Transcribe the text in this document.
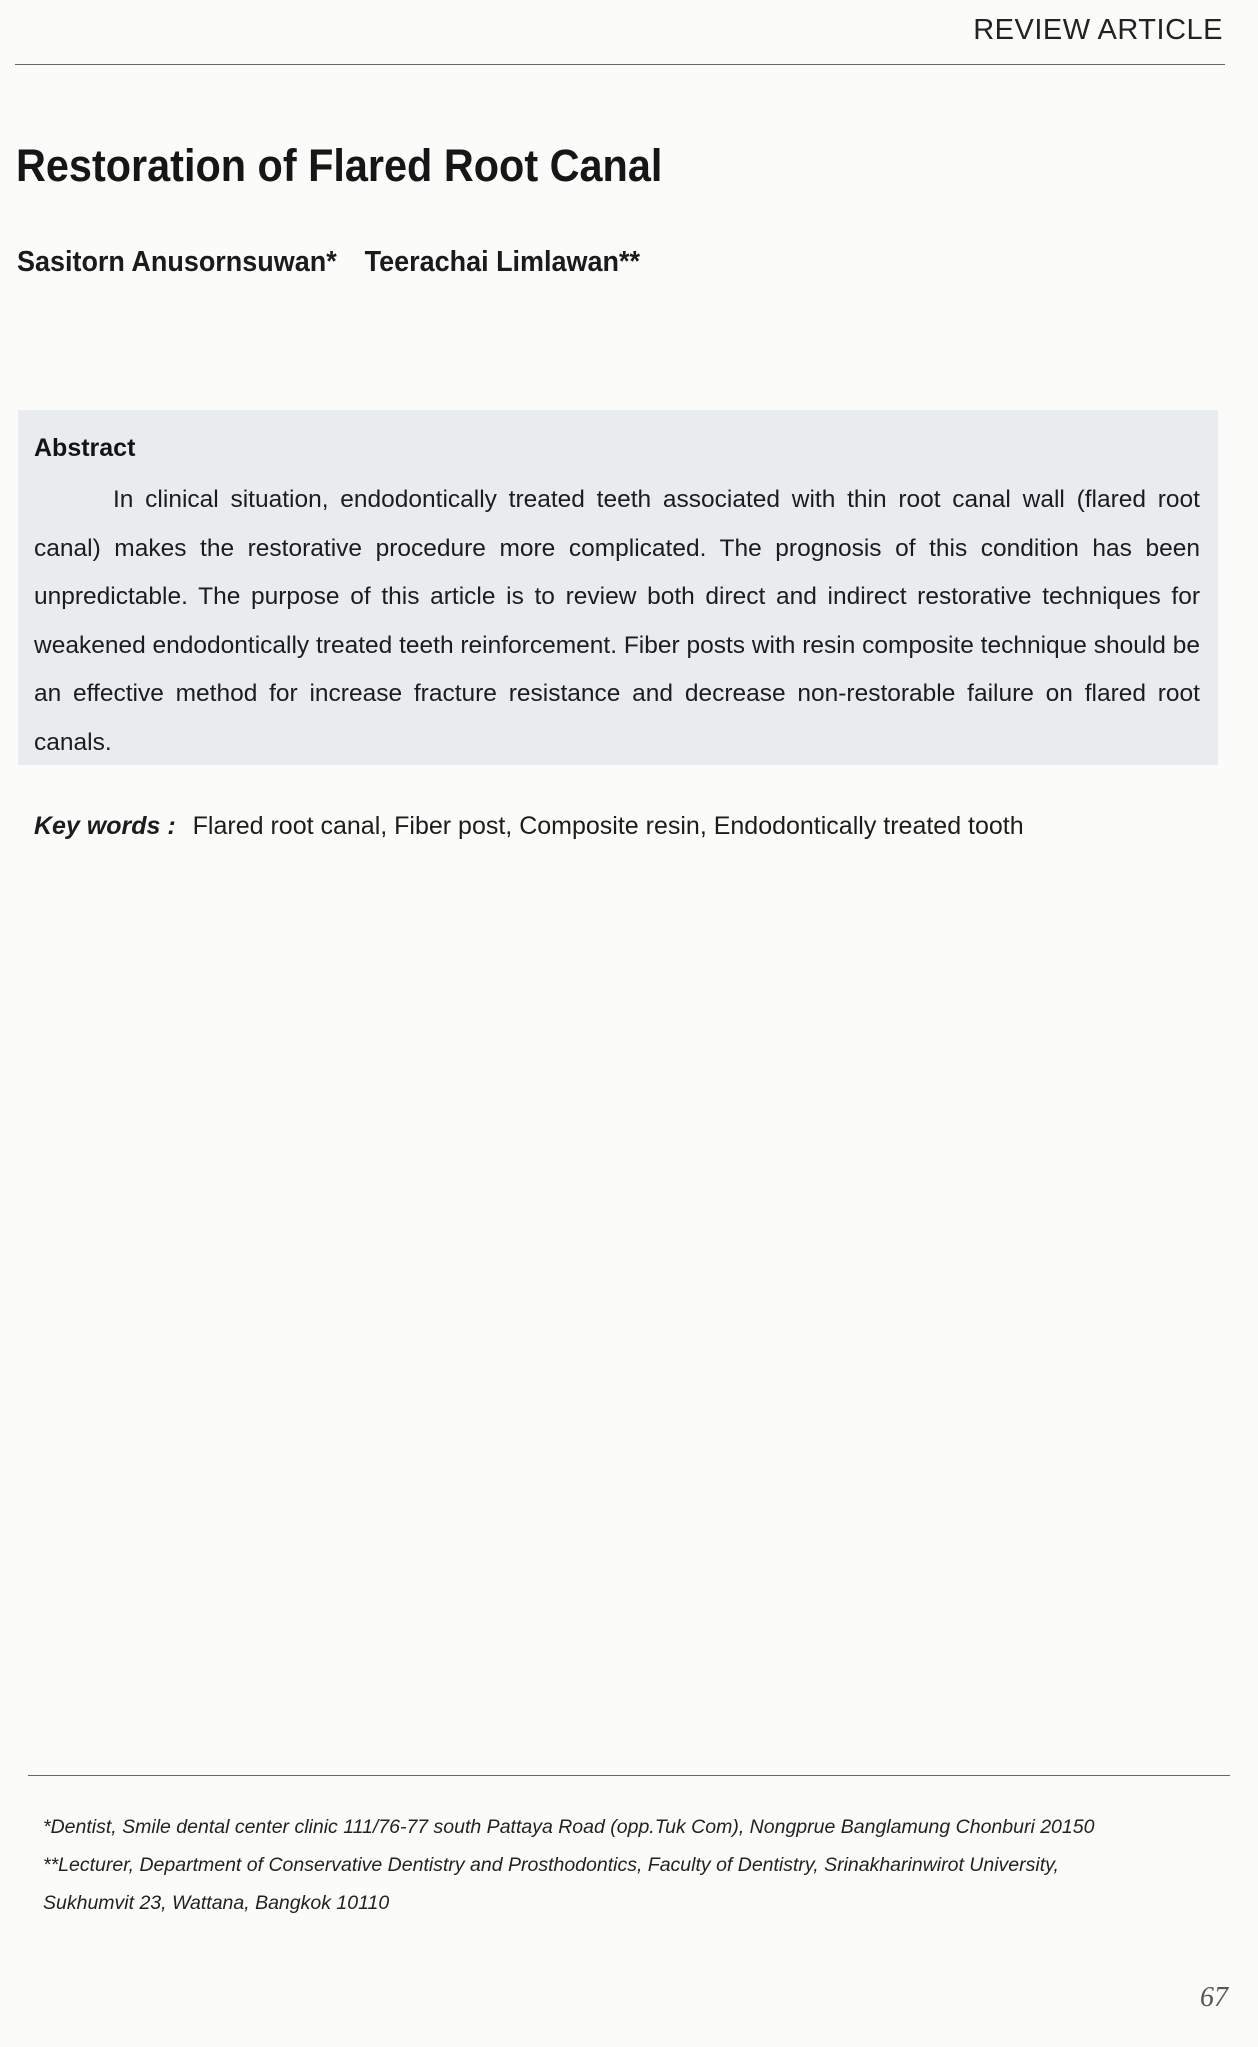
REVIEW ARTICLE
Restoration of Flared Root Canal
Sasitorn Anusornsuwan* Teerachai Limlawan**
Abstract

In clinical situation, endodontically treated teeth associated with thin root canal wall (flared root canal) makes the restorative procedure more complicated. The prognosis of this condition has been unpredictable. The purpose of this article is to review both direct and indirect restorative techniques for weakened endodontically treated teeth reinforcement. Fiber posts with resin composite technique should be an effective method for increase fracture resistance and decrease non-restorable failure on flared root canals.

Key words : Flared root canal, Fiber post, Composite resin, Endodontically treated tooth
*Dentist, Smile dental center clinic 111/76-77 south Pattaya Road (opp.Tuk Com), Nongprue Banglamung Chonburi 20150
**Lecturer, Department of Conservative Dentistry and Prosthodontics, Faculty of Dentistry, Srinakharinwirot University,
Sukhumvit 23, Wattana, Bangkok 10110
67
